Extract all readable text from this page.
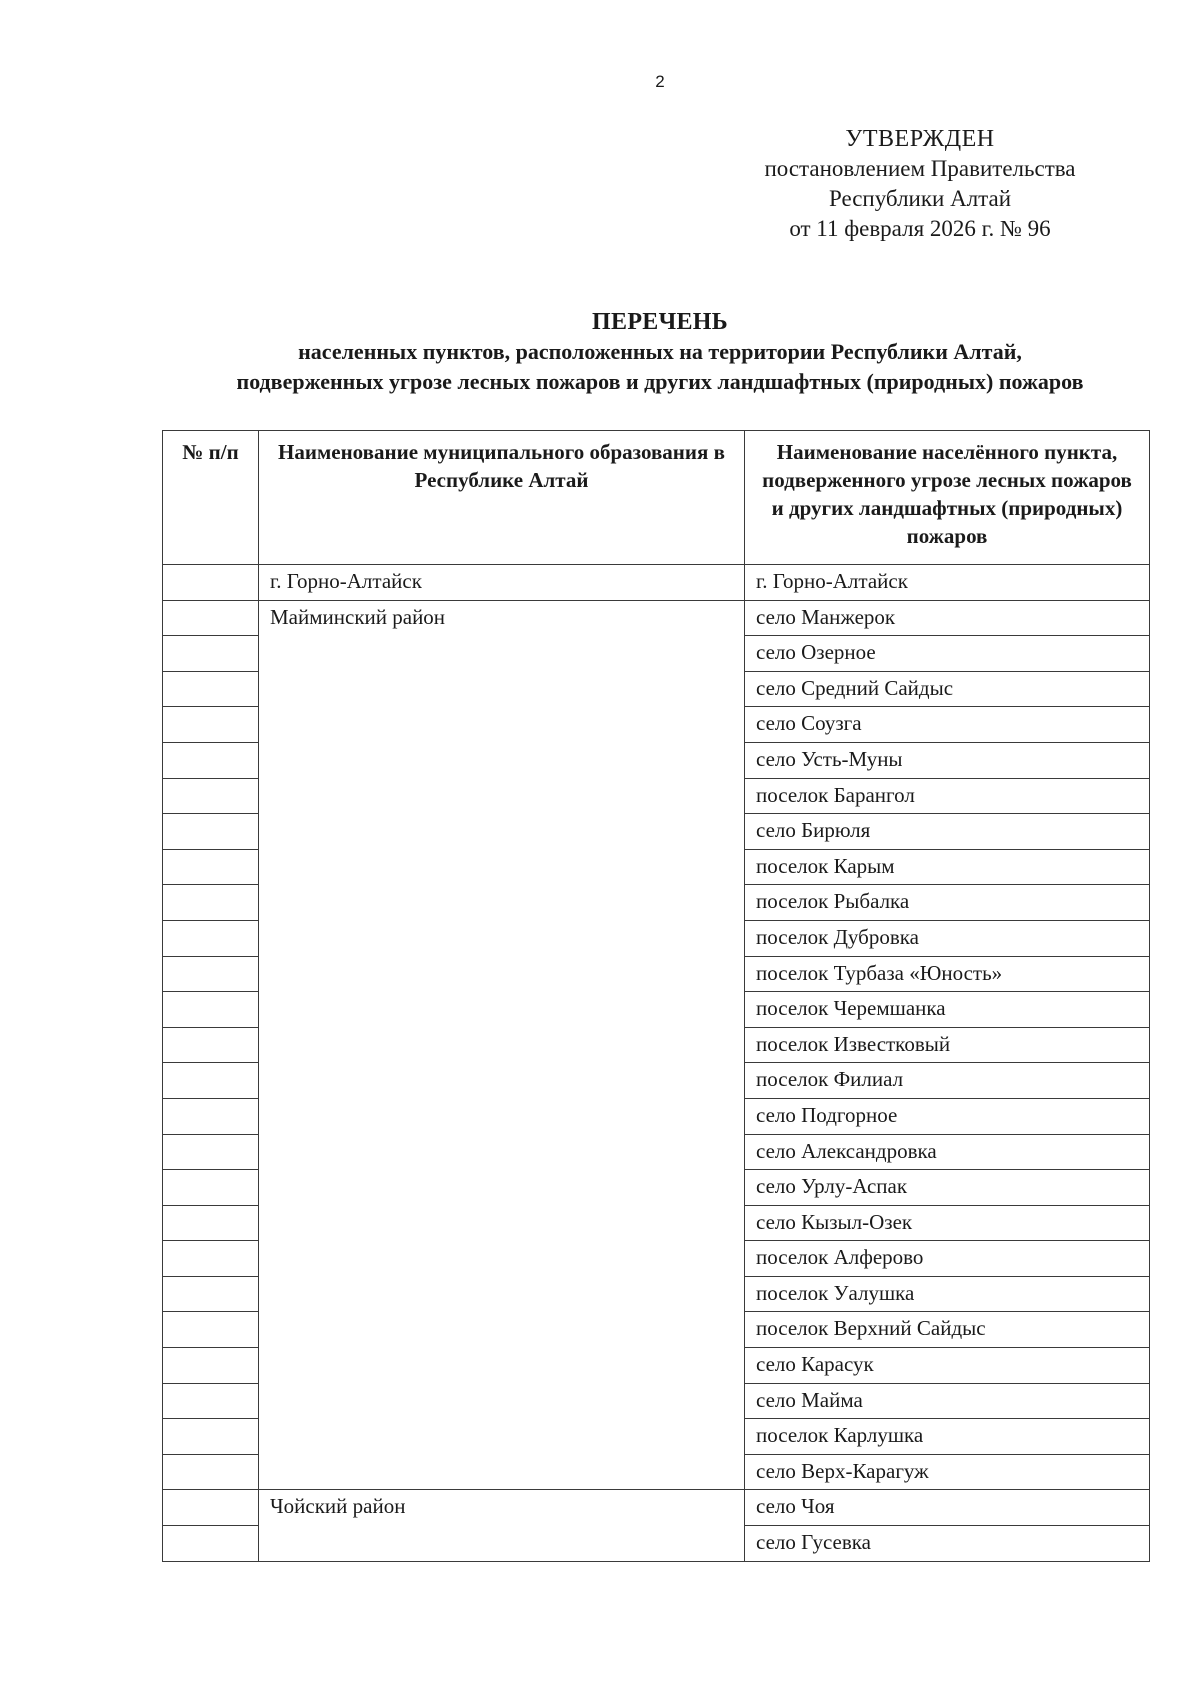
2
УТВЕРЖДЕН
постановлением Правительства
Республики Алтай
от 11 февраля 2026 г. № 96
ПЕРЕЧЕНЬ
населенных пунктов, расположенных на территории Республики Алтай,
подверженных угрозе лесных пожаров и других ландшафтных (природных) пожаров
№ п/п	Наименование муниципального образования в Республике Алтай	Наименование населённого пункта, подверженного угрозе лесных пожаров и других ландшафтных (природных) пожаров
	г. Горно-Алтайск	г. Горно-Алтайск
	Майминский район	село Манжерок
		село Озерное
		село Средний Сайдыс
		село Соузга
		село Усть-Муны
		поселок Барангол
		село Бирюля
		поселок Карым
		поселок Рыбалка
		поселок Дубровка
		поселок Турбаза «Юность»
		поселок Черемшанка
		поселок Известковый
		поселок Филиал
		село Подгорное
		село Александровка
		село Урлу-Аспак
		село Кызыл-Озек
		поселок Алферово
		поселок Уалушка
		поселок Верхний Сайдыс
		село Карасук
		село Майма
		поселок Карлушка
		село Верх-Карагуж
	Чойский район	село Чоя
		село Гусевка
